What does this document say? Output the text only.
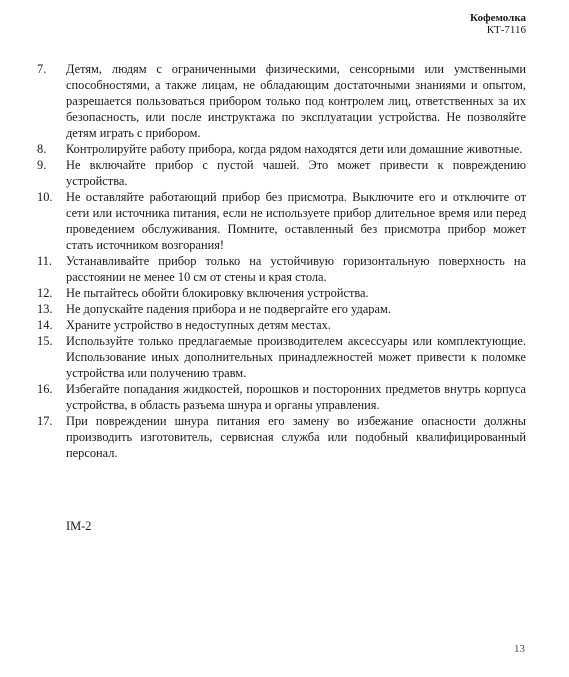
Кофемолка
КТ-7116
7.	Детям, людям с ограниченными физическими, сенсорными или умственными способностями, а также лицам, не обладающим достаточными знаниями и опытом, разрешается пользоваться прибором только под контролем лиц, ответственных за их безопасность, или после инструктажа по эксплуатации устройства. Не позволяйте детям играть с прибором.
8.	Контролируйте работу прибора, когда рядом находятся дети или домашние животные.
9.	Не включайте прибор с пустой чашей. Это может привести к повреждению устройства.
10.	Не оставляйте работающий прибор без присмотра. Выключите его и отключите от сети или источника питания, если не используете прибор длительное время или перед проведением обслуживания. Помните, оставленный без присмотра прибор может стать источником возгорания!
11.	Устанавливайте прибор только на устойчивую горизонтальную поверхность на расстоянии не менее 10 см от стены и края стола.
12.	Не пытайтесь обойти блокировку включения устройства.
13.	Не допускайте падения прибора и не подвергайте его ударам.
14.	Храните устройство в недоступных детям местах.
15.	Используйте только предлагаемые производителем аксессуары или комплектующие. Использование иных дополнительных принадлежностей может привести к поломке устройства или получению травм.
16.	Избегайте попадания жидкостей, порошков и посторонних предметов внутрь корпуса устройства, в область разъема шнура и органы управления.
17.	При повреждении шнура питания его замену во избежание опасности должны производить изготовитель, сервисная служба или подобный квалифицированный персонал.
IM-2
13
